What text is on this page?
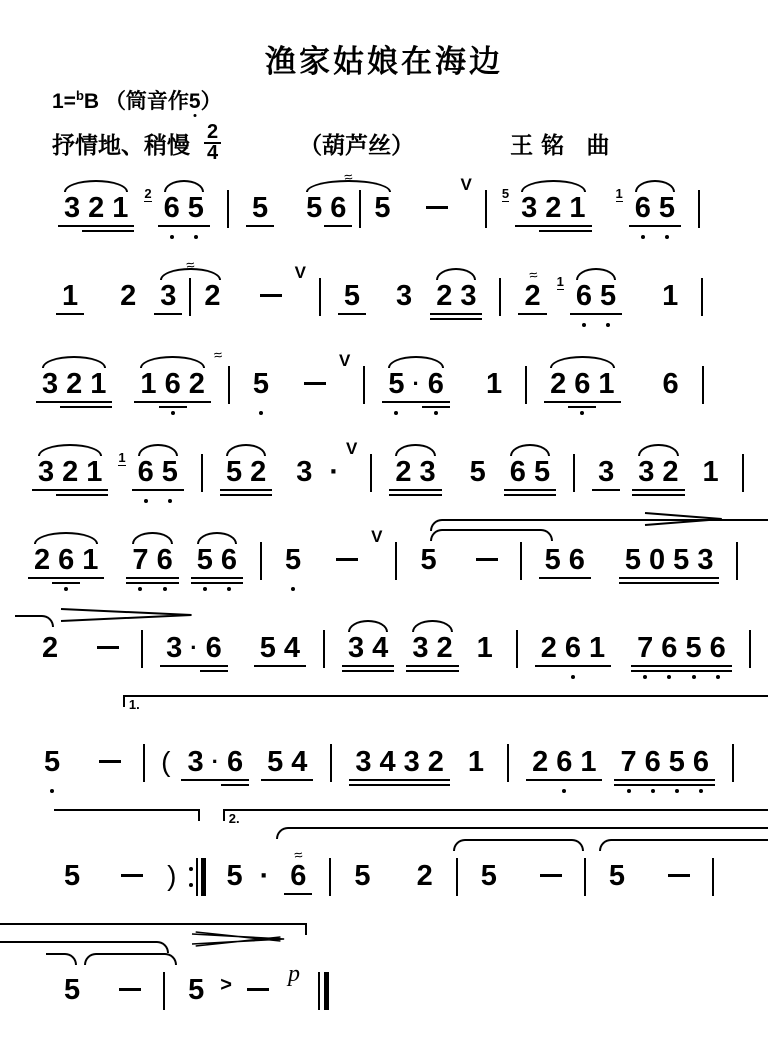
渔家姑娘在海边
1=$^b$B （筒音作5）
抒情地、稍慢 $\frac{2}{4}$	（葫芦丝）	王铭 曲
3 2 1	2 6 5 5 5 6 5
≈	V 5 3 2 1	1 6 5
1 2 3 2
≈	V
5 3 2 3 2
≈ 1 6 5 1
3 2 1 1 6 2
≈
5
V
5 · 6 1 2 6 1 6
3 2 1	1 6 5 5 2 3 ·
V
2 3 5 6 5 3 3 2 1
2 6 1 7 6 5 6 5
V
5	5 6 5 0 5 3
2	3 · 6 5 4 3 4 3 2 1 2 6 1 7 6 5 6
1.
5	( 3 · 6 5 4 3 4 3 2 1 2 6 1 7 6 5 6
2.
5	) 5 · 6
≈
5 2 5	5
5	5 > p
